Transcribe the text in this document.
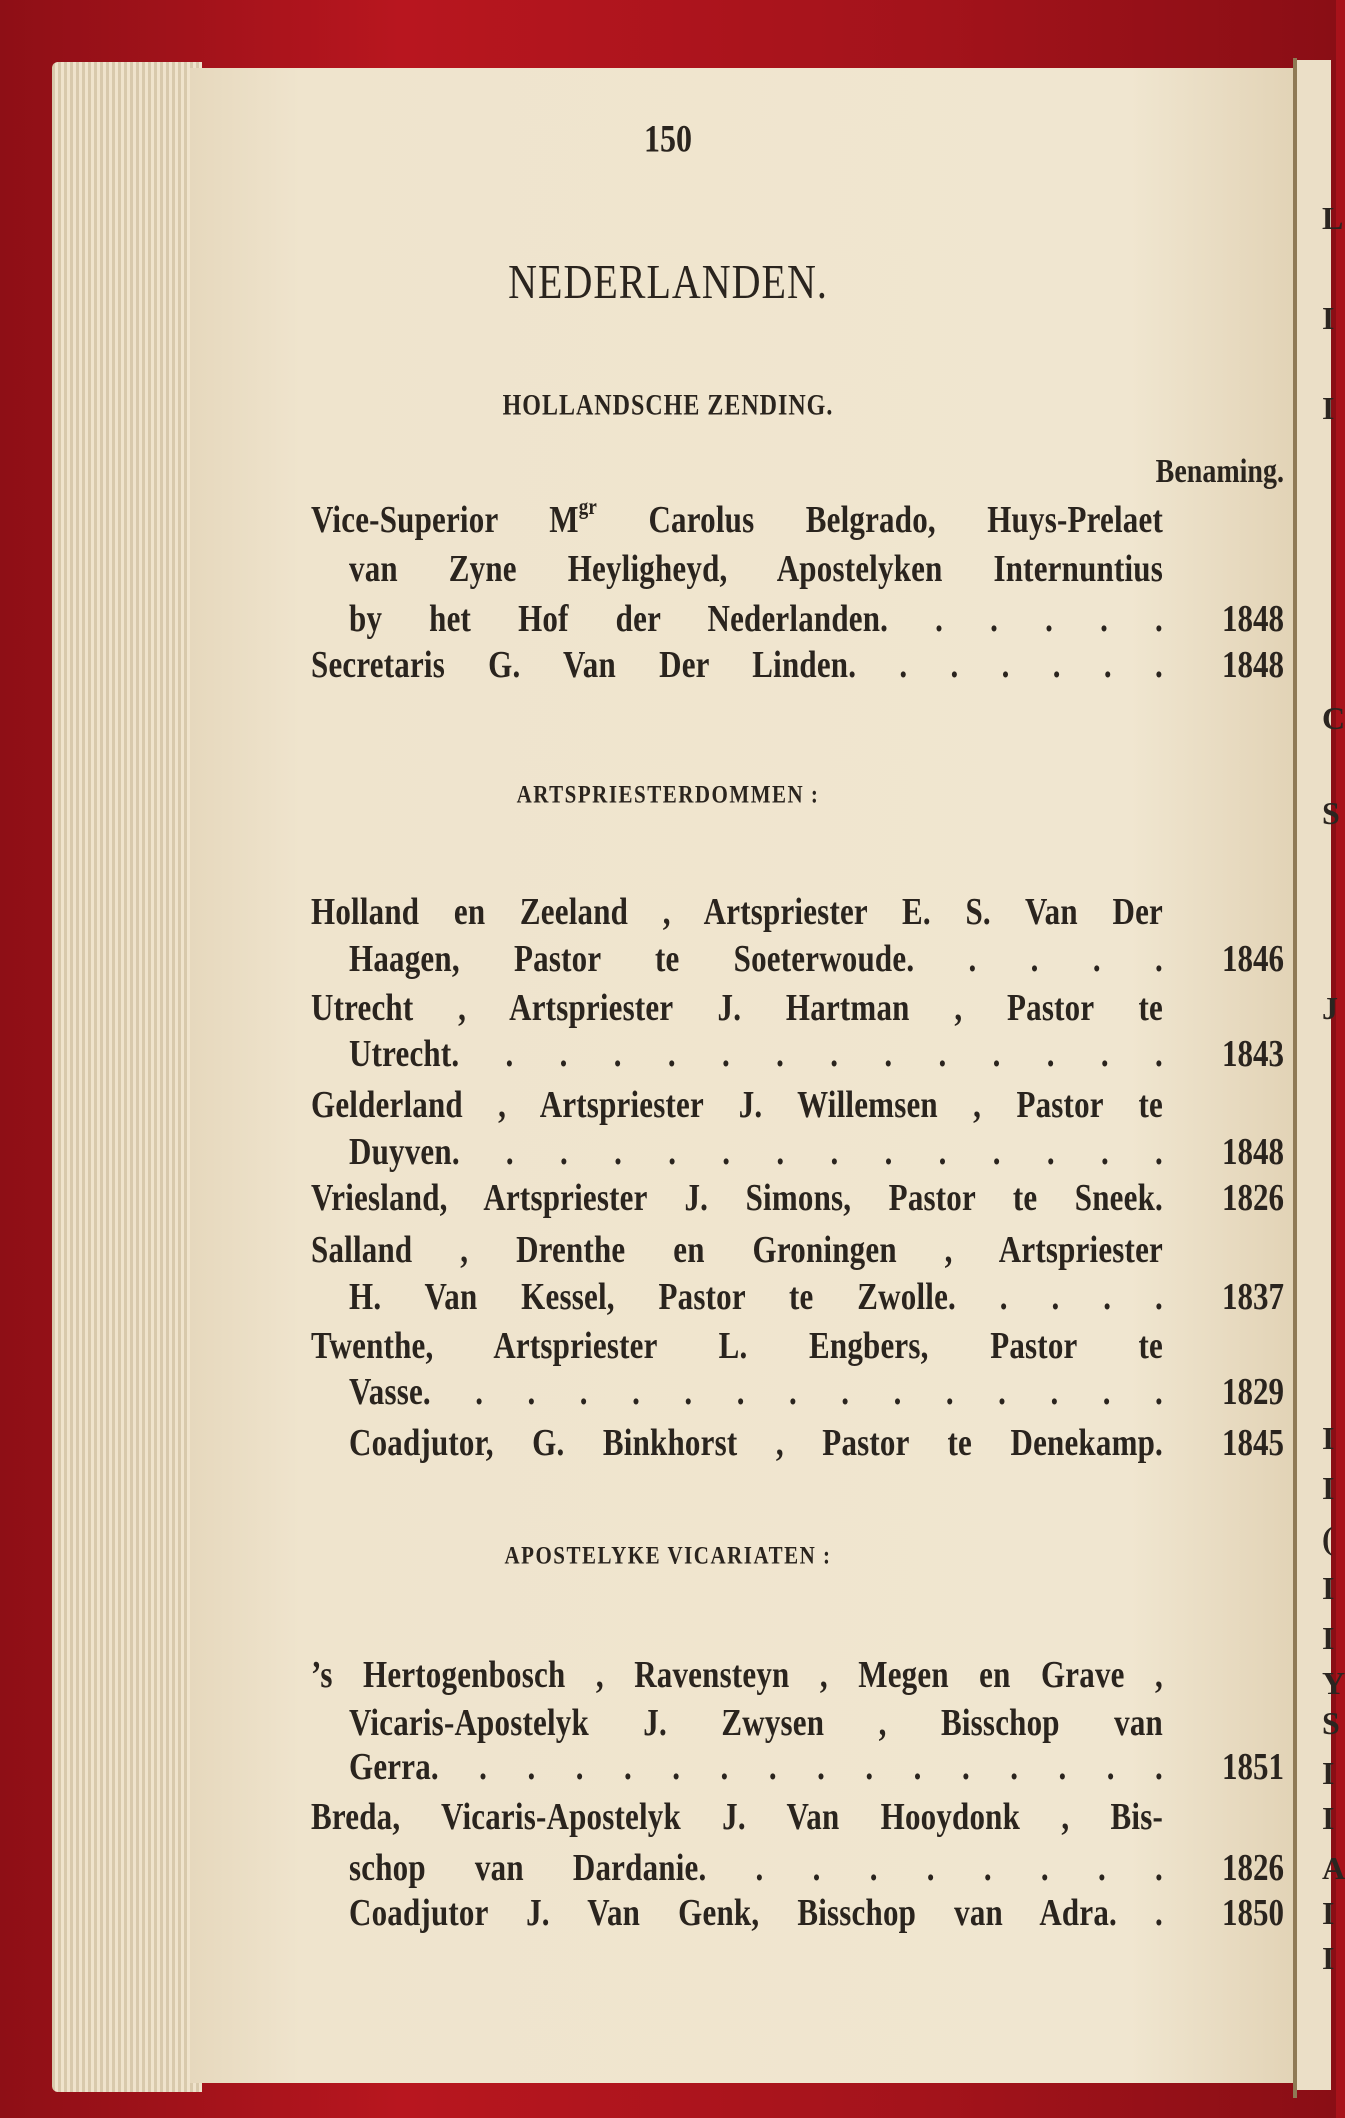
150
NEDERLANDEN.
HOLLANDSCHE ZENDING.
Benaming.
Vice-Superior $M^{gr}$ Carolus Belgrado, Huys-Prelaet
van Zyne Heyligheyd, Apostelyken Internuntius
by het Hof der Nederlanden. . . . . .	1848
Secretaris G. Van Der Linden. . . . . . .	1848
ARTSPRIESTERDOMMEN :
Holland en Zeeland , Artspriester E. S. Van Der
Haagen, Pastor te Soeterwoude. . . . .	1846
Utrecht , Artspriester J. Hartman , Pastor te
Utrecht. . . . . . . . . . . . . .	1843
Gelderland , Artspriester J. Willemsen , Pastor te
Duyven. . . . . . . . . . . . . .	1848
Vriesland, Artspriester J. Simons, Pastor te Sneek.	1826
Salland , Drenthe en Groningen , Artspriester
H. Van Kessel, Pastor te Zwolle. . . . .	1837
Twenthe, Artspriester L. Engbers, Pastor te
Vasse. . . . . . . . . . . . . . .	1829
Coadjutor, G. Binkhorst , Pastor te Denekamp.	1845
APOSTELYKE VICARIATEN :
’s Hertogenbosch , Ravensteyn , Megen en Grave ,
Vicaris-Apostelyk J. Zwysen , Bisschop van
Gerra. . . . . . . . . . . . . . . .	1851
Breda, Vicaris-Apostelyk J. Van Hooydonk , Bis-
schop van Dardanie. . . . . . . . .	1826
Coadjutor J. Van Genk, Bisschop van Adra. .	1850
L
I
I
C
S
J
I
I
(
I
I
Y
S
I
I
A
I
I
